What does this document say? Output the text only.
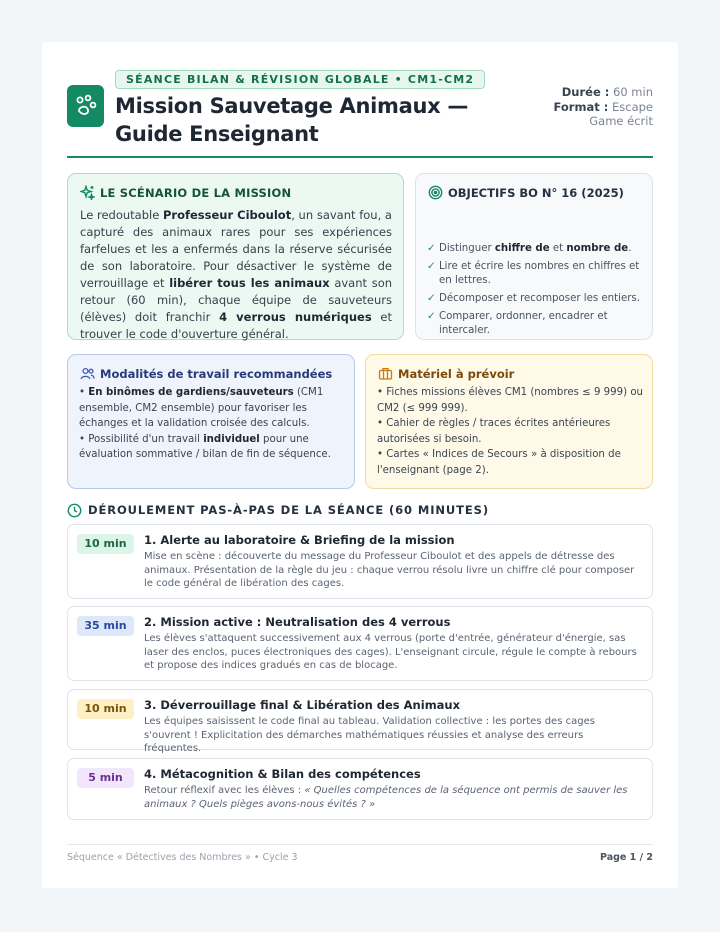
SÉANCE BILAN & RÉVISION GLOBALE • CM1-CM2
Mission Sauvetage Animaux — Guide Enseignant
Durée : 60 min
Format : Escape Game écrit
LE SCÉNARIO DE LA MISSION
Le redoutable Professeur Ciboulot, un savant fou, a capturé des animaux rares pour ses expériences farfelues et les a enfermés dans la réserve sécurisée de son laboratoire. Pour désactiver le système de verrouillage et libérer tous les animaux avant son retour (60 min), chaque équipe de sauveteurs (élèves) doit franchir 4 verrous numériques et trouver le code d'ouverture général.
OBJECTIFS BO N° 16 (2025)
✓ Distinguer chiffre de et nombre de.
✓ Lire et écrire les nombres en chiffres et en lettres.
✓ Décomposer et recomposer les entiers.
✓ Comparer, ordonner, encadrer et intercaler.
Modalités de travail recommandées

• En binômes de gardiens/sauveteurs (CM1 ensemble, CM2 ensemble) pour favoriser les échanges et la validation croisée des calculs.

• Possibilité d'un travail individuel pour une évaluation sommative / bilan de fin de séquence.

Matériel à prévoir

• Fiches missions élèves CM1 (nombres ≤ 9 999) ou CM2 (≤ 999 999).

• Cahier de règles / traces écrites antérieures autorisées si besoin.

• Cartes « Indices de Secours » à disposition de l'enseignant (page 2).

DÉROULEMENT PAS-À-PAS DE LA SÉANCE (60 MINUTES)
10 min	1. Alerte au laboratoire & Briefing de la mission
Mise en scène : découverte du message du Professeur Ciboulot et des appels de détresse des animaux. Présentation de la règle du jeu : chaque verrou résolu livre un chiffre clé pour composer le code général de libération des cages.
35 min	2. Mission active : Neutralisation des 4 verrous
Les élèves s'attaquent successivement aux 4 verrous (porte d'entrée, générateur d'énergie, sas laser des enclos, puces électroniques des cages). L'enseignant circule, régule le compte à rebours et propose des indices gradués en cas de blocage.
10 min	3. Déverrouillage final & Libération des Animaux
Les équipes saisissent le code final au tableau. Validation collective : les portes des cages s'ouvrent ! Explicitation des démarches mathématiques réussies et analyse des erreurs fréquentes.
5 min	4. Métacognition & Bilan des compétences
Retour réflexif avec les élèves : « Quelles compétences de la séquence ont permis de sauver les animaux ? Quels pièges avons-nous évités ? »
Séquence « Détectives des Nombres » • Cycle 3	Page 1 / 2
